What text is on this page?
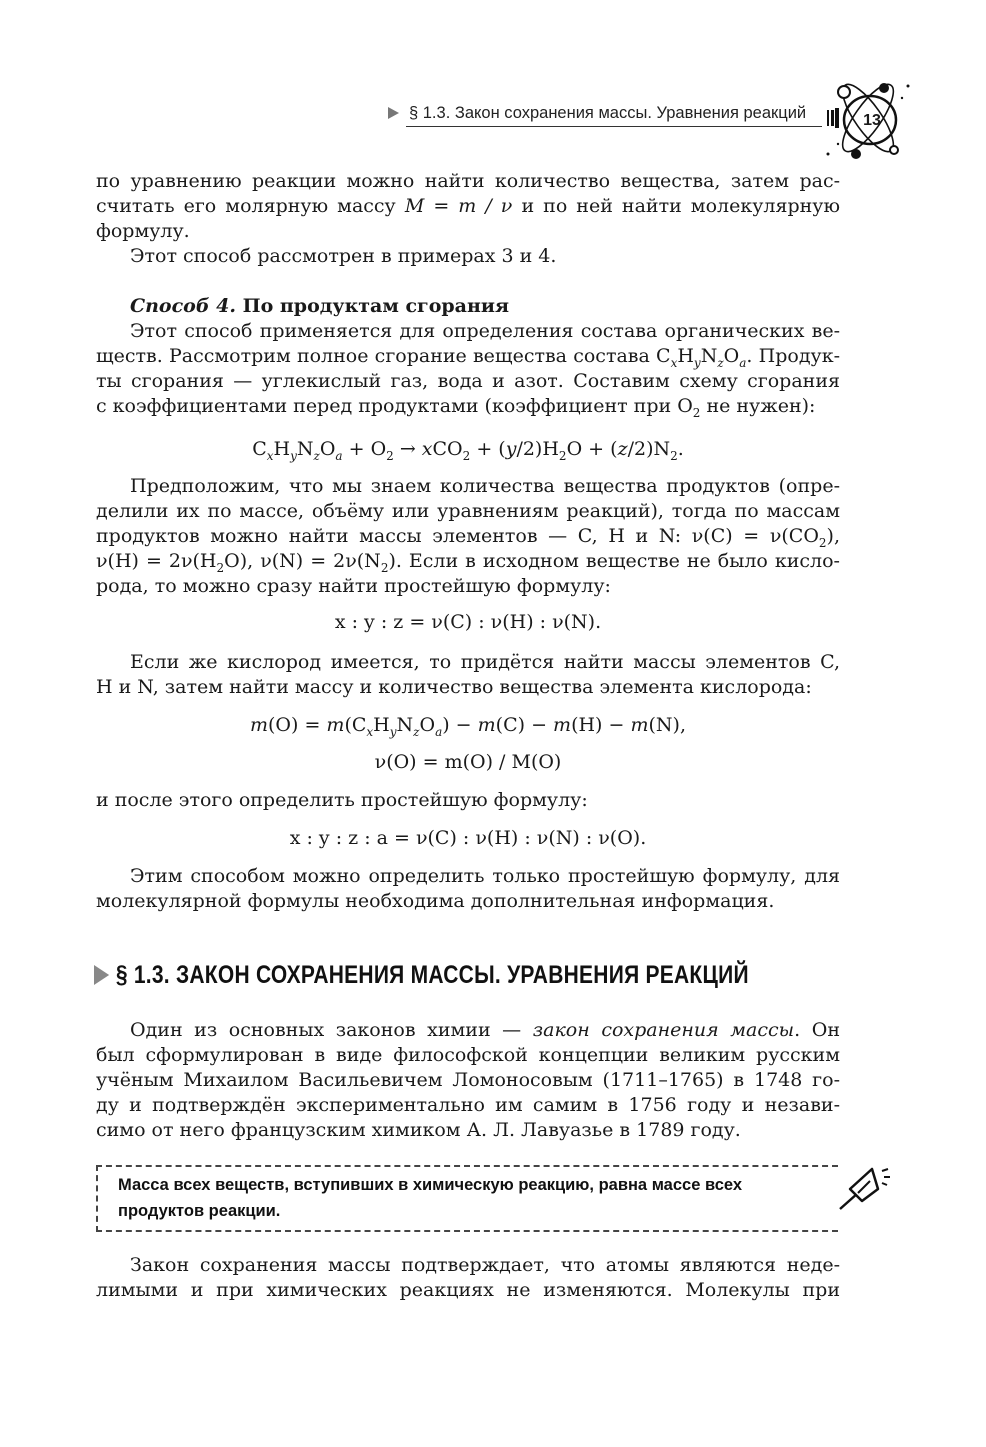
§ 1.3. Закон сохранения массы. Уравнения реакций	13
по уравнению реакции можно найти количество вещества, затем рас-
считать его молярную массу M = m / ν и по ней найти молекулярную
формулу.
Этот способ рассмотрен в примерах 3 и 4.
Способ 4. По продуктам сгорания
Этот способ применяется для определения состава органических ве-
ществ. Рассмотрим полное сгорание вещества состава $C_xH_yN_zO_a$. Продук-
ты сгорания — углекислый газ, вода и азот. Составим схему сгорания
с коэффициентами перед продуктами (коэффициент при $O_2$ не нужен):
$C_xH_yN_zO_a + O_2 \to xCO_2 + (y/2)H_2O + (z/2)N_2$.
Предположим, что мы знаем количества вещества продуктов (опре-
делили их по массе, объёму или уравнениям реакций), тогда по массам
продуктов можно найти массы элементов — C, H и N: $\nu(C) = \nu(CO_2)$,
$\nu(H) = 2\nu(H_2O)$, $\nu(N) = 2\nu(N_2)$. Если в исходном веществе не было кисло-
рода, то можно сразу найти простейшую формулу:
x : y : z = ν(C) : ν(H) : ν(N).
Если же кислород имеется, то придётся найти массы элементов C,
H и N, затем найти массу и количество вещества элемента кислорода:
$m(O) = m(C_xH_yN_zO_a) - m(C) - m(H) - m(N)$,
ν(O) = m(O) / M(O)
и после этого определить простейшую формулу:
x : y : z : a = ν(C) : ν(H) : ν(N) : ν(O).
Этим способом можно определить только простейшую формулу, для
молекулярной формулы необходима дополнительная информация.
§ 1.3. ЗАКОН СОХРАНЕНИЯ МАССЫ. УРАВНЕНИЯ РЕАКЦИЙ
Один из основных законов химии — закон сохранения массы. Он
был сформулирован в виде философской концепции великим русским
учёным Михаилом Васильевичем Ломоносовым (1711–1765) в 1748 го-
ду и подтверждён экспериментально им самим в 1756 году и незави-
симо от него французским химиком А. Л. Лавуазье в 1789 году.
Масса всех веществ, вступивших в химическую реакцию, равна массе всех продуктов реакции.
Закон сохранения массы подтверждает, что атомы являются неде-
лимыми и при химических реакциях не изменяются. Молекулы при
